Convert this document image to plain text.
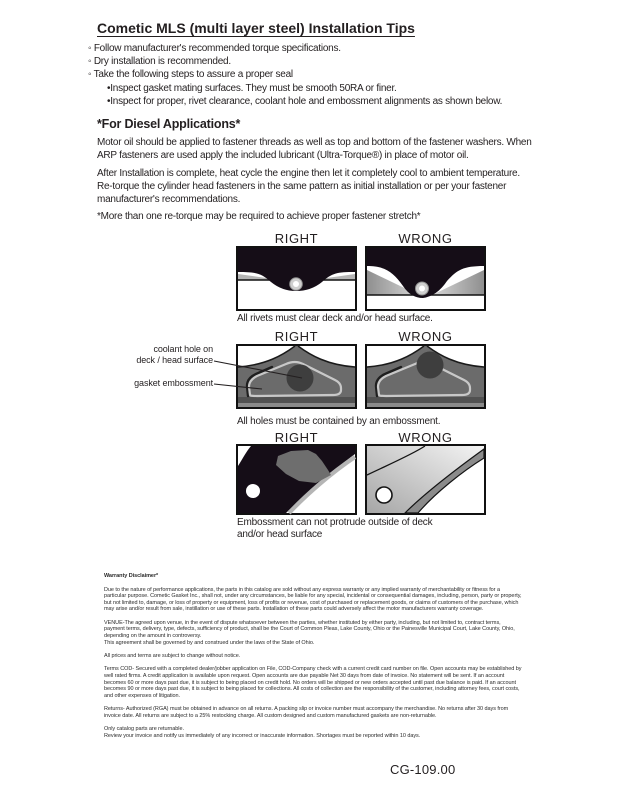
Cometic MLS (multi layer steel) Installation Tips
◦ Follow manufacturer's recommended torque specifications.
◦ Dry installation is recommended.
◦ Take the following steps to assure a proper seal
•Inspect gasket mating surfaces. They must be smooth 50RA or finer.
•Inspect for proper, rivet clearance, coolant hole and embossment alignments as shown below.
*For Diesel Applications*
Motor oil should be applied to fastener threads as well as top and bottom of the fastener washers. When ARP fasteners are used apply the included lubricant (Ultra-Torque®) in place of motor oil.
After Installation is complete, heat cycle the engine then let it completely cool to ambient temperature. Re-torque the cylinder head fasteners in the same pattern as initial installation or per your fastener manufacturer's recommendations.
*More than one re-torque may be required to achieve proper fastener stretch*
RIGHT	WRONG
All rivets must clear deck and/or head surface.
RIGHT	WRONG
coolant hole on
deck / head surface
gasket embossment
All holes must be contained by an embossment.
RIGHT	WRONG
Embossment can not protrude outside of deck
and/or head surface
Warranty Disclaimer*

Due to the nature of performance applications, the parts in this catalog are sold without any express warranty or any implied warranty of merchantability or fitness for a particular purpose. Cometic Gasket Inc., shall not, under any circumstances, be liable for any special, incidental or consequential damages, including, person, party or property, but not limited to, damage, or loss of property or equipment, loss of profits or revenue, cost of purchased or replacement goods, or claims of customers of the purchase, which may arise and/or result from sale, instillation or use of these parts. Installation of these parts could adversely affect the motor manufacturers warranty coverage.

VENUE-The agreed upon venue, in the event of dispute whatsoever between the parties, whether instituted by either party, including, but not limited to, contract terms, payment terms, delivery, type, defects, sufficiency of product, shall be the Court of Common Pleas, Lake County, Ohio or the Painesville Municipal Court, Lake County, Ohio, depending on the amount in controversy.

This agreement shall be governed by and construed under the laws of the State of Ohio.

All prices and terms are subject to change without notice.

Terms COD- Secured with a completed dealer/jobber application on File, COD-Company check with a current credit card number on file. Open accounts may be established by well rated firms. A credit application is available upon request. Open accounts are due payable Net 30 days from date of invoice. No statement will be sent. If an account becomes 60 or more days past due, it is subject to being placed on credit hold. No orders will be shipped or new orders accepted until past due balance is paid. If an account becomes 90 or more days past due, it is subject to being placed for collections. All costs of collection are the responsibility of the customer, including attorney fees, court costs, and other expenses of litigation.

Returns- Authorized (RGA) must be obtained in advance on all returns. A packing slip or invoice number must accompany the merchandise. No returns after 30 days from invoice date. All returns are subject to a 25% restocking charge. All custom designed and custom manufactured gaskets are non-returnable.

Only catalog parts are returnable.

Review your invoice and notify us immediately of any incorrect or inaccurate information. Shortages must be reported within 10 days.

CG-109.00
